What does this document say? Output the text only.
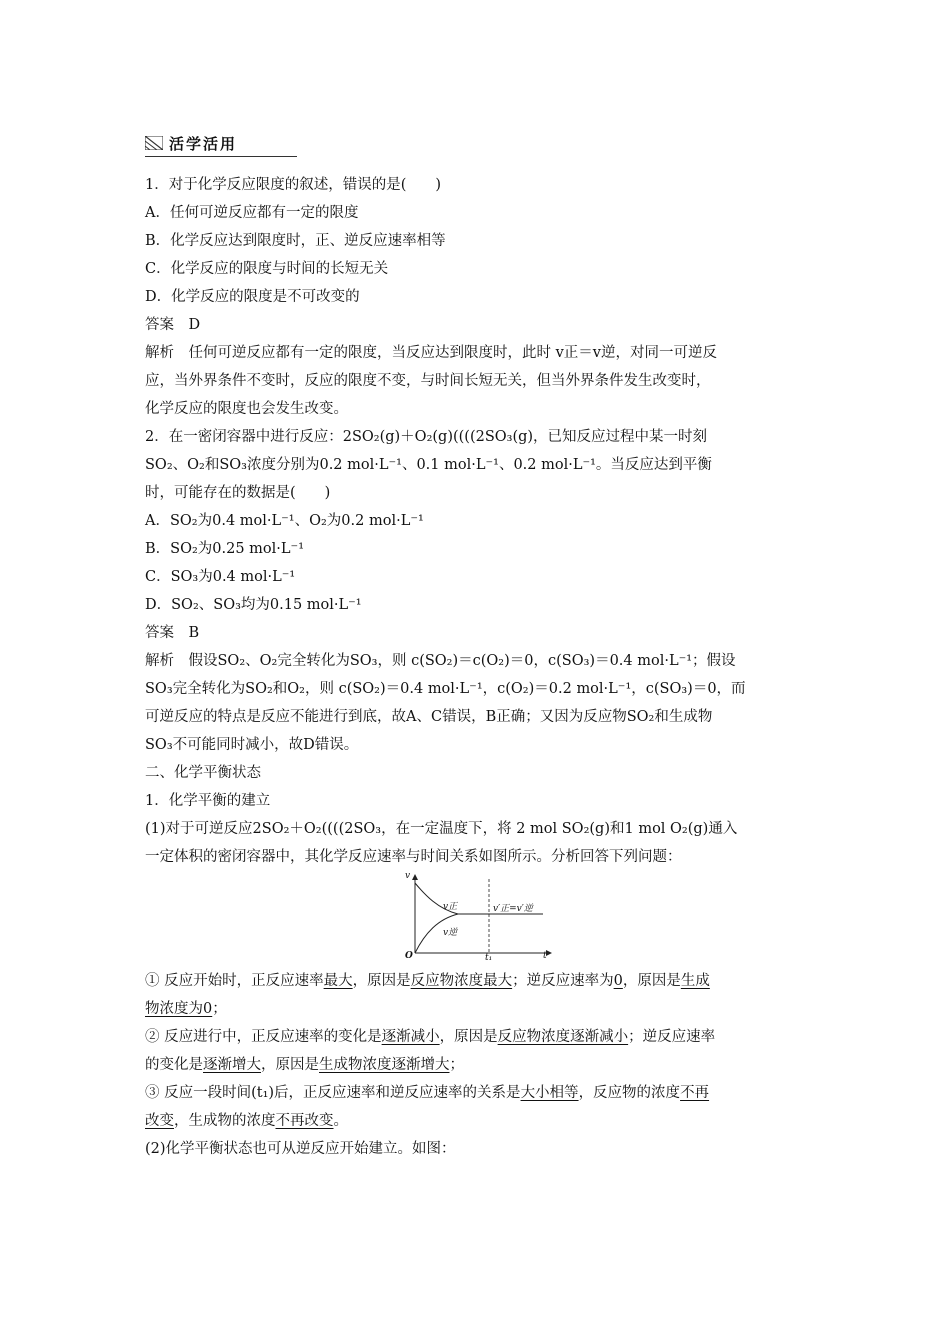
活学活用
1．对于化学反应限度的叙述，错误的是(　　)
A．任何可逆反应都有一定的限度
B．化学反应达到限度时，正、逆反应速率相等
C．化学反应的限度与时间的长短无关
D．化学反应的限度是不可改变的
答案　D
解析　任何可逆反应都有一定的限度，当反应达到限度时，此时 v正＝v逆，对同一可逆反
应，当外界条件不变时，反应的限度不变，与时间长短无关，但当外界条件发生改变时，
化学反应的限度也会发生改变。
2．在一密闭容器中进行反应：2SO₂(g)＋O₂(g)((((2SO₃(g)，已知反应过程中某一时刻
SO₂、O₂和SO₃浓度分别为0.2 mol·L⁻¹、0.1 mol·L⁻¹、0.2 mol·L⁻¹。当反应达到平衡
时，可能存在的数据是(　　)
A．SO₂为0.4 mol·L⁻¹、O₂为0.2 mol·L⁻¹
B．SO₂为0.25 mol·L⁻¹
C．SO₃为0.4 mol·L⁻¹
D．SO₂、SO₃均为0.15 mol·L⁻¹
答案　B
解析　假设SO₂、O₂完全转化为SO₃，则 c(SO₂)＝c(O₂)＝0，c(SO₃)＝0.4 mol·L⁻¹；假设
SO₃完全转化为SO₂和O₂，则 c(SO₂)＝0.4 mol·L⁻¹，c(O₂)＝0.2 mol·L⁻¹，c(SO₃)＝0，而
可逆反应的特点是反应不能进行到底，故A、C错误，B正确；又因为反应物SO₂和生成物
SO₃不可能同时减小，故D错误。
二、化学平衡状态
1．化学平衡的建立
(1)对于可逆反应2SO₂＋O₂((((2SO₃，在一定温度下，将 2 mol SO₂(g)和1 mol O₂(g)通入
一定体积的密闭容器中，其化学反应速率与时间关系如图所示。分析回答下列问题：
v
t
O	t₁
v正
v逆
v′正=v′逆
① 反应开始时，正反应速率最大，原因是反应物浓度最大；逆反应速率为0，原因是生成
物浓度为0；
② 反应进行中，正反应速率的变化是逐渐减小，原因是反应物浓度逐渐减小；逆反应速率
的变化是逐渐增大，原因是生成物浓度逐渐增大；
③ 反应一段时间(t₁)后，正反应速率和逆反应速率的关系是大小相等，反应物的浓度不再
改变，生成物的浓度不再改变。
(2)化学平衡状态也可从逆反应开始建立。如图：
